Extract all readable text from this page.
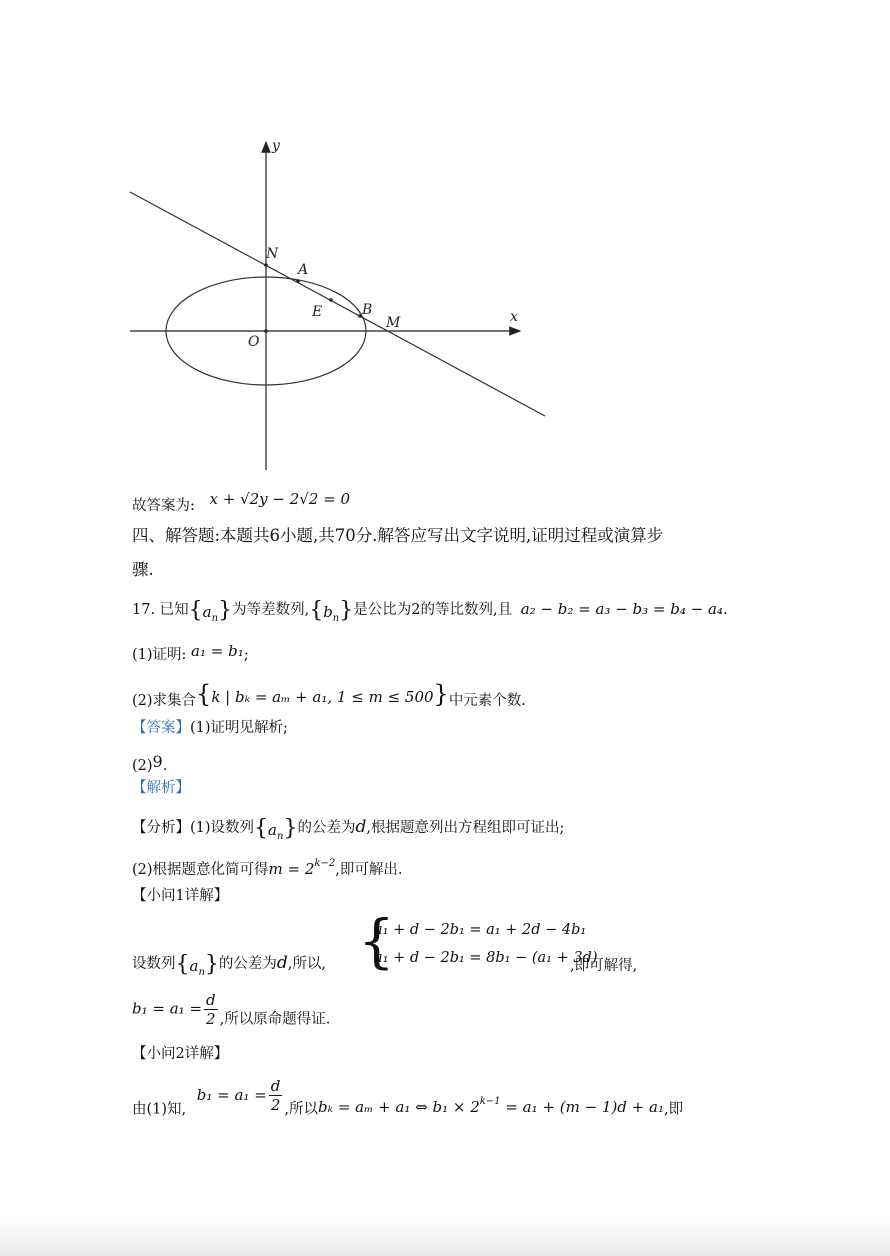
y
x
N
A
E	B
M
O
故答案为: x + √2y − 2√2 = 0
四、解答题:本题共6小题,共70分.解答应写出文字说明,证明过程或演算步
骤.
17. 已知$\{a_n\}$为等差数列$,\{b_n\}$是公比为2的等比数列,且 a₂ − b₂ = a₃ − b₃ = b₄ − a₄.
(1)证明: a₁ = b₁;
(2)求集合{k | bₖ = aₘ + a₁, 1 ≤ m ≤ 500}中元素个数.
【答案】(1)证明见解析;
(2)9.
【解析】
【分析】(1)设数列$\{a_n\}$的公差为d,根据题意列出方程组即可证出;
(2)根据题意化简可得$m = 2^{k-2}$,即可解出.
【小问1详解】
设数列$\{a_n\}$的公差为d,所以, {
a₁ + d − 2b₁ = a₁ + 2d − 4b₁
a₁ + d − 2b₁ = 8b₁ − (a₁ + 3d)
,即可解得,
$b_1 = a_1 = \frac{d}{2}$ ,所以原命题得证.
【小问2详解】
由(1)知, $b_1 = a_1 = \frac{d}{2}$ ,所以bₖ = aₘ + a₁ ⇔ $b_1 \times 2^{k-1} = a_1 + (m - 1)d + a_1$,即
